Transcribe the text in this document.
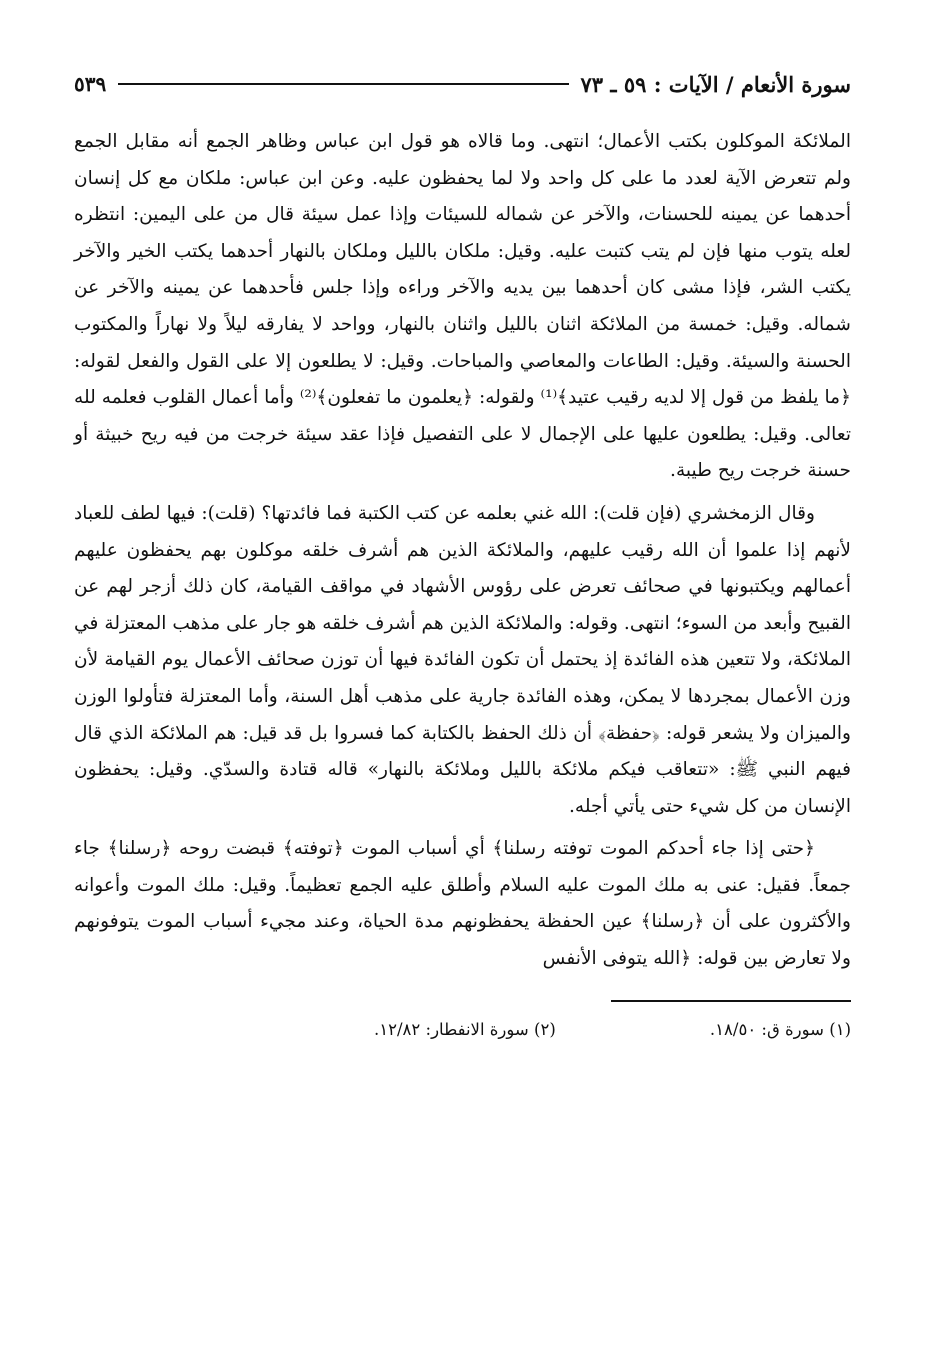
سورة الأنعام / الآيات : ٥٩ ـ ٧٣
٥٣٩

الملائكة الموكلون بكتب الأعمال؛ انتهى. وما قالاه هو قول ابن عباس وظاهر الجمع أنه مقابل الجمع ولم تتعرض الآية لعدد ما على كل واحد ولا لما يحفظون عليه. وعن ابن عباس: ملكان مع كل إنسان أحدهما عن يمينه للحسنات، والآخر عن شماله للسيئات وإذا عمل سيئة قال من على اليمين: انتظره لعله يتوب منها فإن لم يتب كتبت عليه. وقيل: ملكان بالليل وملكان بالنهار أحدهما يكتب الخير والآخر يكتب الشر، فإذا مشى كان أحدهما بين يديه والآخر وراءه وإذا جلس فأحدهما عن يمينه والآخر عن شماله. وقيل: خمسة من الملائكة اثنان بالليل واثنان بالنهار، وواحد لا يفارقه ليلاً ولا نهاراً والمكتوب الحسنة والسيئة. وقيل: الطاعات والمعاصي والمباحات. وقيل: لا يطلعون إلا على القول والفعل لقوله: ﴿ما يلفظ من قول إلا لديه رقيب عتيد﴾⁽¹⁾ ولقوله: ﴿يعلمون ما تفعلون﴾⁽²⁾ وأما أعمال القلوب فعلمه لله تعالى. وقيل: يطلعون عليها على الإجمال لا على التفصيل فإذا عقد سيئة خرجت من فيه ريح خبيثة أو حسنة خرجت ريح طيبة.

وقال الزمخشري (فإن قلت): الله غني بعلمه عن كتب الكتبة فما فائدتها؟ (قلت): فيها لطف للعباد لأنهم إذا علموا أن الله رقيب عليهم، والملائكة الذين هم أشرف خلقه موكلون بهم يحفظون عليهم أعمالهم ويكتبونها في صحائف تعرض على رؤوس الأشهاد في مواقف القيامة، كان ذلك أزجر لهم عن القبيح وأبعد من السوء؛ انتهى. وقوله: والملائكة الذين هم أشرف خلقه هو جار على مذهب المعتزلة في الملائكة، ولا تتعين هذه الفائدة إذ يحتمل أن تكون الفائدة فيها أن توزن صحائف الأعمال يوم القيامة لأن وزن الأعمال بمجردها لا يمكن، وهذه الفائدة جارية على مذهب أهل السنة، وأما المعتزلة فتأولوا الوزن والميزان ولا يشعر قوله: ﴿حفظة﴾ أن ذلك الحفظ بالكتابة كما فسروا بل قد قيل: هم الملائكة الذي قال فيهم النبي ﷺ: «تتعاقب فيكم ملائكة بالليل وملائكة بالنهار» قاله قتادة والسدّي. وقيل: يحفظون الإنسان من كل شيء حتى يأتي أجله.

﴿حتى إذا جاء أحدكم الموت توفته رسلنا﴾ أي أسباب الموت ﴿توفته﴾ قبضت روحه ﴿رسلنا﴾ جاء جمعاً. فقيل: عنى به ملك الموت عليه السلام وأطلق عليه الجمع تعظيماً. وقيل: ملك الموت وأعوانه والأكثرون على أن ﴿رسلنا﴾ عين الحفظة يحفظونهم مدة الحياة، وعند مجيء أسباب الموت يتوفونهم ولا تعارض بين قوله: ﴿الله يتوفى الأنفس

(١) سورة ق: ١٨/٥٠.
(٢) سورة الانفطار: ١٢/٨٢.
